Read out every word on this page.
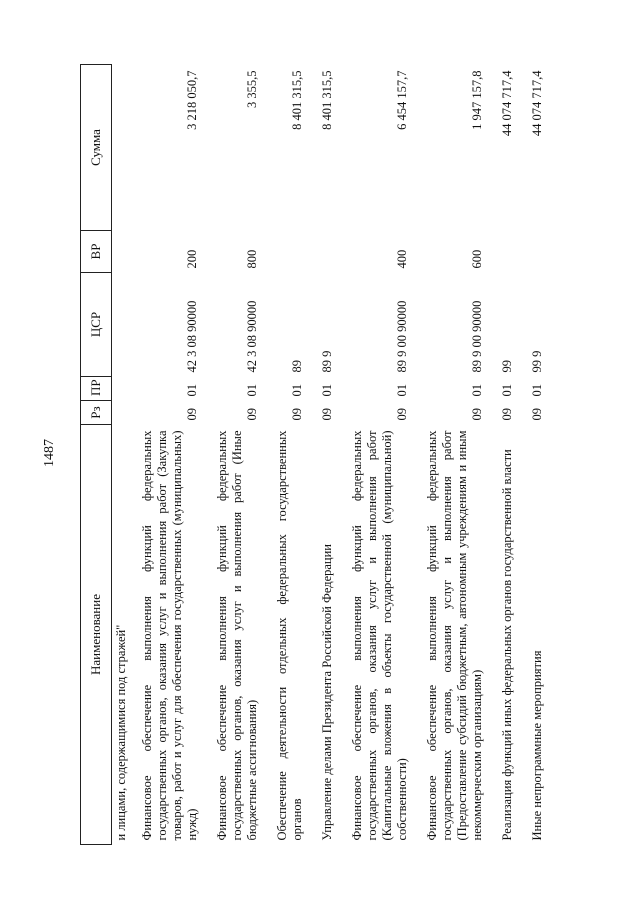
1487
Наименование	Рз	ПР	ЦСР	ВР	Сумма
и лицами, содержащимися под стражей"					
Финансовое обеспечение выполнения функций федеральных государственных органов, оказания услуг и выполнения работ (Закупка товаров, работ и услуг для обеспечения государственных (муниципальных) нужд)	09	01	42 3 08 90000	200	3 218 050,7
Финансовое обеспечение выполнения функций федеральных государственных органов, оказания услуг и выполнения работ (Иные бюджетные ассигнования)	09	01	42 3 08 90000	800	3 355,5
Обеспечение деятельности отдельных федеральных государственных органов	09	01	89		8 401 315,5
Управление делами Президента Российской Федерации	09	01	89 9		8 401 315,5
Финансовое обеспечение выполнения функций федеральных государственных органов, оказания услуг и выполнения работ (Капитальные вложения в объекты государственной (муниципальной) собственности)	09	01	89 9 00 90000	400	6 454 157,7
Финансовое обеспечение выполнения функций федеральных государственных органов, оказания услуг и выполнения работ (Предоставление субсидий бюджетным, автономным учреждениям и иным некоммерческим организациям)	09	01	89 9 00 90000	600	1 947 157,8
Реализация функций иных федеральных органов государственной власти	09	01	99		44 074 717,4
Иные непрограммные мероприятия	09	01	99 9		44 074 717,4
